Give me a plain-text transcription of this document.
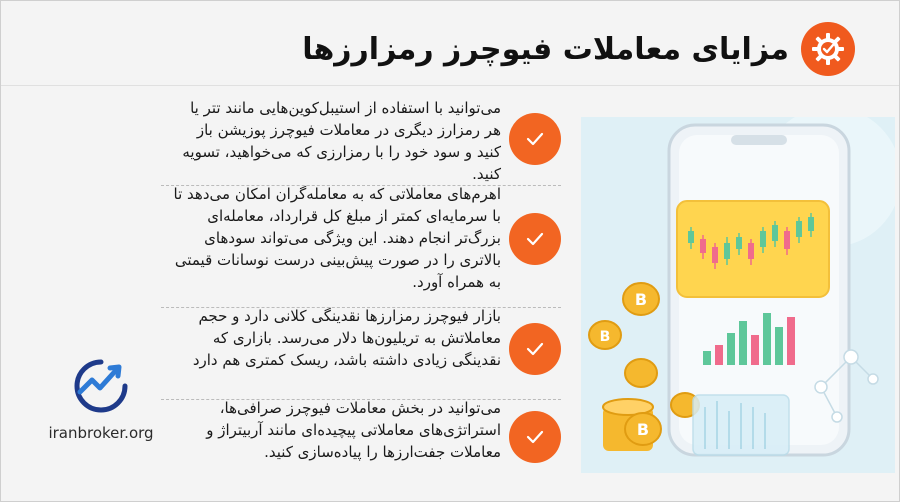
مزایای معاملات فیوچرز رمزارزها
می‌توانید با استفاده از استیبل‌کوین‌هایی مانند تتر یا هر رمزارز دیگری در معاملات فیوچرز پوزیشن باز کنید و سود خود را با رمزارزی که می‌خواهید، تسویه کنید.
اهرم‌های معاملاتی که به معامله‌گران امکان می‌دهد تا با سرمایه‌ای کمتر از مبلغ کل قرارداد، معامله‌ای بزرگ‌تر انجام دهند. این ویژگی می‌تواند سودهای بالاتری را در صورت پیش‌بینی درست نوسانات قیمتی به همراه آورد.
بازار فیوچرز رمزارزها نقدینگی کلانی دارد و حجم معاملاتش به تریلیون‌ها دلار می‌رسد. بازاری که نقدینگی زیادی داشته باشد، ریسک کمتری هم دارد
می‌توانید در بخش معاملات فیوچرز صرافی‌ها، استراتژی‌های معاملاتی پیچیده‌ای مانند آربیتراژ و معاملات جفت‌ارزها را پیاده‌سازی کنید.
B
B
B
iranbroker.org
